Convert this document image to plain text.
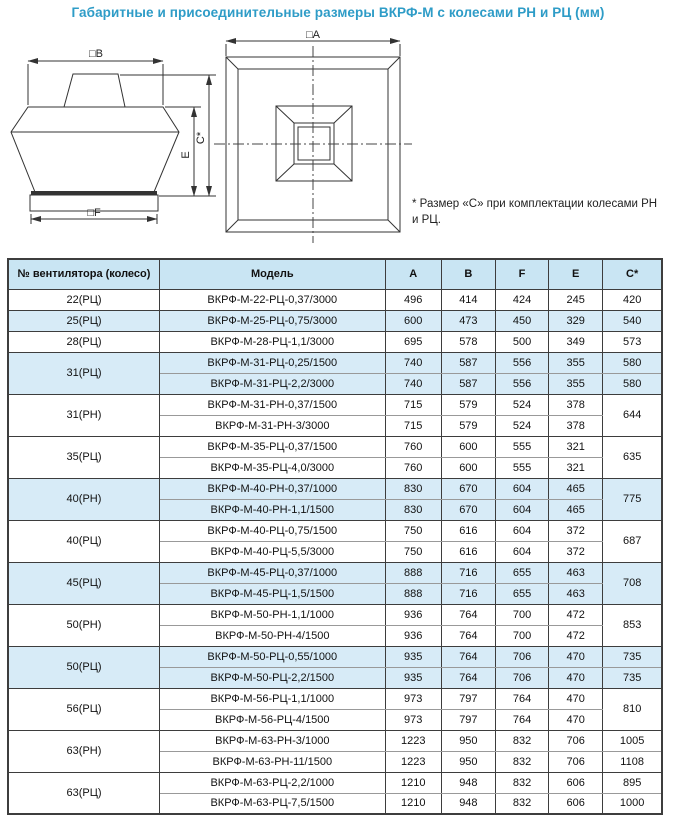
Габаритные и присоединительные размеры ВКРФ-М с колесами РН и РЦ (мм)
□B
E
C*
□F
□A
* Размер «С» при комплектации колесами РН и РЦ.
№ вентилятора (колесо)	Модель	A	B	F	E	C*
22(РЦ)	ВКРФ-М-22-РЦ-0,37/3000	496	414	424	245	420
25(РЦ)	ВКРФ-М-25-РЦ-0,75/3000	600	473	450	329	540
28(РЦ)	ВКРФ-М-28-РЦ-1,1/3000	695	578	500	349	573
31(РЦ)	ВКРФ-М-31-РЦ-0,25/1500	740	587	556	355	580
	ВКРФ-М-31-РЦ-2,2/3000	740	587	556	355	580
31(РН)	ВКРФ-М-31-РН-0,37/1500	715	579	524	378	644
	ВКРФ-М-31-РН-3/3000	715	579	524	378	
35(РЦ)	ВКРФ-М-35-РЦ-0,37/1500	760	600	555	321	635
	ВКРФ-М-35-РЦ-4,0/3000	760	600	555	321	
40(РН)	ВКРФ-М-40-РН-0,37/1000	830	670	604	465	775
	ВКРФ-М-40-РН-1,1/1500	830	670	604	465	
40(РЦ)	ВКРФ-М-40-РЦ-0,75/1500	750	616	604	372	687
	ВКРФ-М-40-РЦ-5,5/3000	750	616	604	372	
45(РЦ)	ВКРФ-М-45-РЦ-0,37/1000	888	716	655	463	708
	ВКРФ-М-45-РЦ-1,5/1500	888	716	655	463	
50(РН)	ВКРФ-М-50-РН-1,1/1000	936	764	700	472	853
	ВКРФ-М-50-РН-4/1500	936	764	700	472	
50(РЦ)	ВКРФ-М-50-РЦ-0,55/1000	935	764	706	470	735
	ВКРФ-М-50-РЦ-2,2/1500	935	764	706	470	735
56(РЦ)	ВКРФ-М-56-РЦ-1,1/1000	973	797	764	470	810
	ВКРФ-М-56-РЦ-4/1500	973	797	764	470	
63(РН)	ВКРФ-М-63-РН-3/1000	1223	950	832	706	1005
	ВКРФ-М-63-РН-11/1500	1223	950	832	706	1108
63(РЦ)	ВКРФ-М-63-РЦ-2,2/1000	1210	948	832	606	895
	ВКРФ-М-63-РЦ-7,5/1500	1210	948	832	606	1000
